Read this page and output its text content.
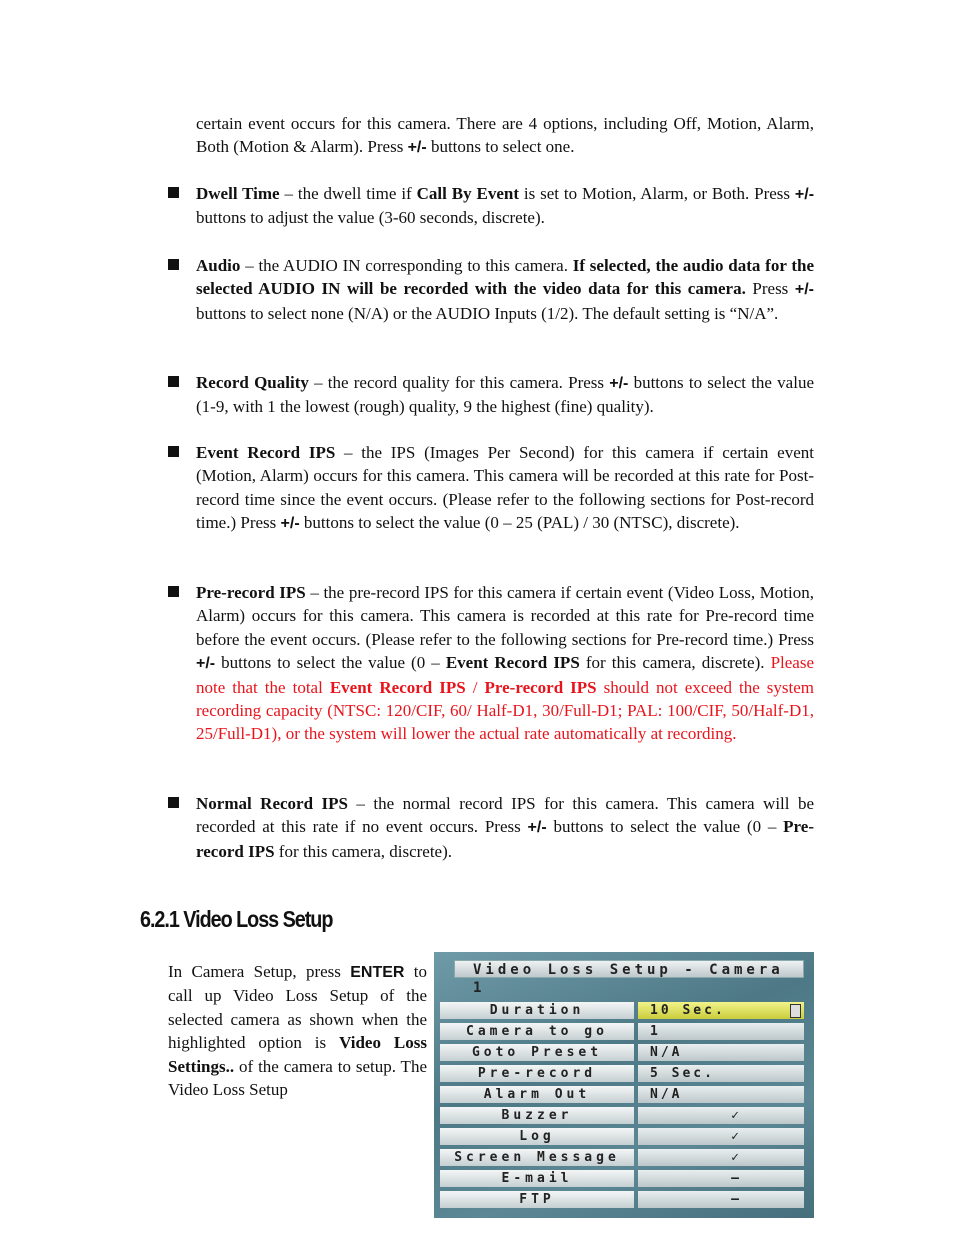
certain event occurs for this camera. There are 4 options, including Off, Motion, Alarm, Both (Motion & Alarm). Press +/- buttons to select one.

Dwell Time – the dwell time if Call By Event is set to Motion, Alarm, or Both. Press +/- buttons to adjust the value (3-60 seconds, discrete).

Audio – the AUDIO IN corresponding to this camera. If selected, the audio data for the selected AUDIO IN will be recorded with the video data for this camera. Press +/- buttons to select none (N/A) or the AUDIO Inputs (1/2). The default setting is “N/A”.

Record Quality – the record quality for this camera. Press +/- buttons to select the value (1-9, with 1 the lowest (rough) quality, 9 the highest (fine) quality).

Event Record IPS – the IPS (Images Per Second) for this camera if certain event (Motion, Alarm) occurs for this camera. This camera will be recorded at this rate for Post-record time since the event occurs. (Please refer to the following sections for Post-record time.) Press +/- buttons to select the value (0 – 25 (PAL) / 30 (NTSC), discrete).

Pre-record IPS – the pre-record IPS for this camera if certain event (Video Loss, Motion, Alarm) occurs for this camera. This camera is recorded at this rate for Pre-record time before the event occurs. (Please refer to the following sections for Pre-record time.) Press +/- buttons to select the value (0 – Event Record IPS for this camera, discrete). Please note that the total Event Record IPS / Pre-record IPS should not exceed the system recording capacity (NTSC: 120/CIF, 60/ Half-D1, 30/Full-D1; PAL: 100/CIF, 50/Half-D1, 25/Full-D1), or the system will lower the actual rate automatically at recording.

Normal Record IPS – the normal record IPS for this camera. This camera will be recorded at this rate if no event occurs. Press +/- buttons to select the value (0 – Pre-record IPS for this camera, discrete).

6.2.1 Video Loss Setup

In Camera Setup, press ENTER to call up Video Loss Setup of the selected camera as shown when the highlighted option is Video Loss Settings.. of the camera to setup. The Video Loss Setup

Video Loss Setup - Camera 1
Duration	10 Sec.
Camera to go	1
Goto Preset	N/A
Pre-record	5 Sec.
Alarm Out	N/A
Buzzer	✓
Log	✓
Screen Message	✓
E-mail	–
FTP	–
